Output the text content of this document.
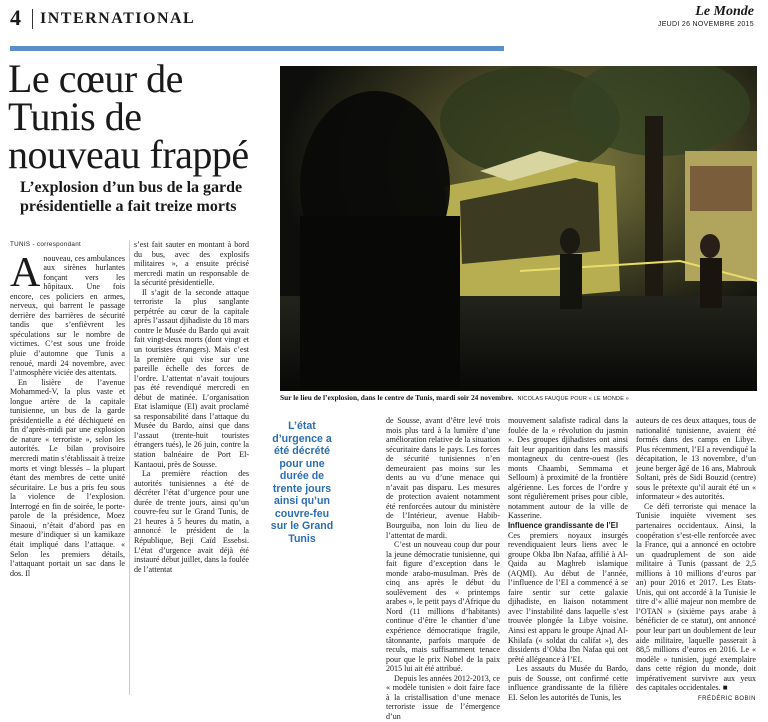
4 INTERNATIONAL	Le Monde
JEUDI 26 NOVEMBRE 2015
Le cœur de Tunis de nouveau frappé
L’explosion d’un bus de la garde présidentielle a fait treize morts
Sur le lieu de l’explosion, dans le centre de Tunis, mardi soir 24 novembre. NICOLAS FAUQUE POUR « LE MONDE »
TUNIS - correspondant

Anouveau, ces ambulances aux sirènes hurlantes fonçant vers les hôpitaux. Une fois encore, ces policiers en armes, nerveux, qui barrent le passage derrière des barrières de sécurité tandis que s’enfièvrent les spéculations sur le nombre de victimes. C’est sous une froide pluie d’automne que Tunis a renoué, mardi 24 novembre, avec l’atmosphère viciée des attentats.

En lisière de l’avenue Mohammed-V, la plus vaste et longue artère de la capitale tunisienne, un bus de la garde présidentielle a été déchiqueté en fin d’après-midi par une explosion de nature « terroriste », selon les autorités. Le bilan provisoire mercredi matin s’établissait à treize morts et vingt blessés – la plupart étant des membres de cette unité sécuritaire. Le bus a pris feu sous la violence de l’explosion. Interrogé en fin de soirée, le porte-parole de la présidence, Moez Sinaoui, n’était d’abord pas en mesure d’indiquer si un kamikaze était impliqué dans l’attaque. « Selon les premiers détails, l’attaquant portait un sac dans le dos. Il

s’est fait sauter en montant à bord du bus, avec des explosifs militaires », a ensuite précisé mercredi matin un responsable de la sécurité présidentielle.

Il s’agit de la seconde attaque terroriste la plus sanglante perpétrée au cœur de la capitale après l’assaut djihadiste du 18 mars contre le Musée du Bardo qui avait fait vingt-deux morts (dont vingt et un touristes étrangers). Mais c’est la première qui vise sur une pareille échelle des forces de l’ordre. L’attentat n’avait toujours pas été revendiqué mercredi en début de matinée. L’organisation Etat islamique (EI) avait proclamé sa responsabilité dans l’attaque du Musée du Bardo, ainsi que dans l’assaut (trente-huit touristes étrangers tués), le 26 juin, contre la station balnéaire de Port El-Kantaoui, près de Sousse.

La première réaction des autorités tunisiennes a été de décréter l’état d’urgence pour une durée de trente jours, ainsi qu’un couvre-feu sur le Grand Tunis, de 21 heures à 5 heures du matin, a annoncé le président de la République, Beji Caïd Essebsi. L’état d’urgence avait déjà été instauré début juillet, dans la foulée de l’attentat

L’état d’urgence a été décrété pour une durée de trente jours ainsi qu’un couvre-feu sur le Grand Tunis

de Sousse, avant d’être levé trois mois plus tard à la lumière d’une amélioration relative de la situation sécuritaire dans le pays. Les forces de sécurité tunisiennes n’en demeuraient pas moins sur les dents au vu d’une menace qui n’avait pas disparu. Les mesures de protection avaient notamment été renforcées autour du ministère de l’Intérieur, avenue Habib-Bourguiba, non loin du lieu de l’attentat de mardi.

C’est un nouveau coup dur pour la jeune démocratie tunisienne, qui fait figure d’exception dans le monde arabo-musulman. Près de cinq ans après le début du soulèvement des « printemps arabes », le petit pays d’Afrique du Nord (11 millions d’habitants) continue d’être le chantier d’une expérience démocratique fragile, tâtonnante, parfois marquée de reculs, mais suffisamment tenace pour que le prix Nobel de la paix 2015 lui ait été attribué.

Depuis les années 2012-2013, ce « modèle tunisien » doit faire face à la cristallisation d’une menace terroriste issue de l’émergence d’un

mouvement salafiste radical dans la foulée de la « révolution du jasmin ». Des groupes djihadistes ont ainsi fait leur apparition dans les massifs montagneux du centre-ouest (les monts Chaambi, Semmama et Selloum) à proximité de la frontière algérienne. Les forces de l’ordre y sont régulièrement prises pour cible, notamment autour de la ville de Kasserine.

Influence grandissante de l’EI

Ces premiers noyaux insurgés revendiquaient leurs liens avec le groupe Okba Ibn Nafaa, affilié à Al-Qaida au Maghreb islamique (AQMI). Au début de l’année, l’influence de l’EI a commencé à se faire sentir sur cette galaxie djihadiste, en liaison notamment avec l’instabilité dans laquelle s’est trouvée plongée la Libye voisine. Ainsi est apparu le groupe Ajnad Al-Khilafa (« soldat du califat »), des dissidents d’Okba Ibn Nafaa qui ont prêté allégeance à l’EI.

Les assauts du Musée du Bardo, puis de Sousse, ont confirmé cette influence grandissante de la filière EI. Selon les autorités de Tunis, les

auteurs de ces deux attaques, tous de nationalité tunisienne, avaient été formés dans des camps en Libye. Plus récemment, l’EI a revendiqué la décapitation, le 13 novembre, d’un jeune berger âgé de 16 ans, Mabrouk Soltani, près de Sidi Bouzid (centre) sous le prétexte qu’il aurait été un « informateur » des autorités.

Ce défi terroriste qui menace la Tunisie inquiète vivement ses partenaires occidentaux. Ainsi, la coopération s’est-elle renforcée avec la France, qui a annoncé en octobre un quadruplement de son aide militaire à Tunis (passant de 2,5 millions à 10 millions d’euros par an) pour 2016 et 2017. Les Etats-Unis, qui ont accordé à la Tunisie le titre d’« allié majeur non membre de l’OTAN » (sixième pays arabe à bénéficier de ce statut), ont annoncé pour leur part un doublement de leur aide militaire, laquelle passerait à 88,5 millions d’euros en 2016. Le « modèle » tunisien, jugé exemplaire dans cette région du monde, doit impérativement survivre aux yeux des capitales occidentales. ■

FRÉDÉRIC BOBIN
